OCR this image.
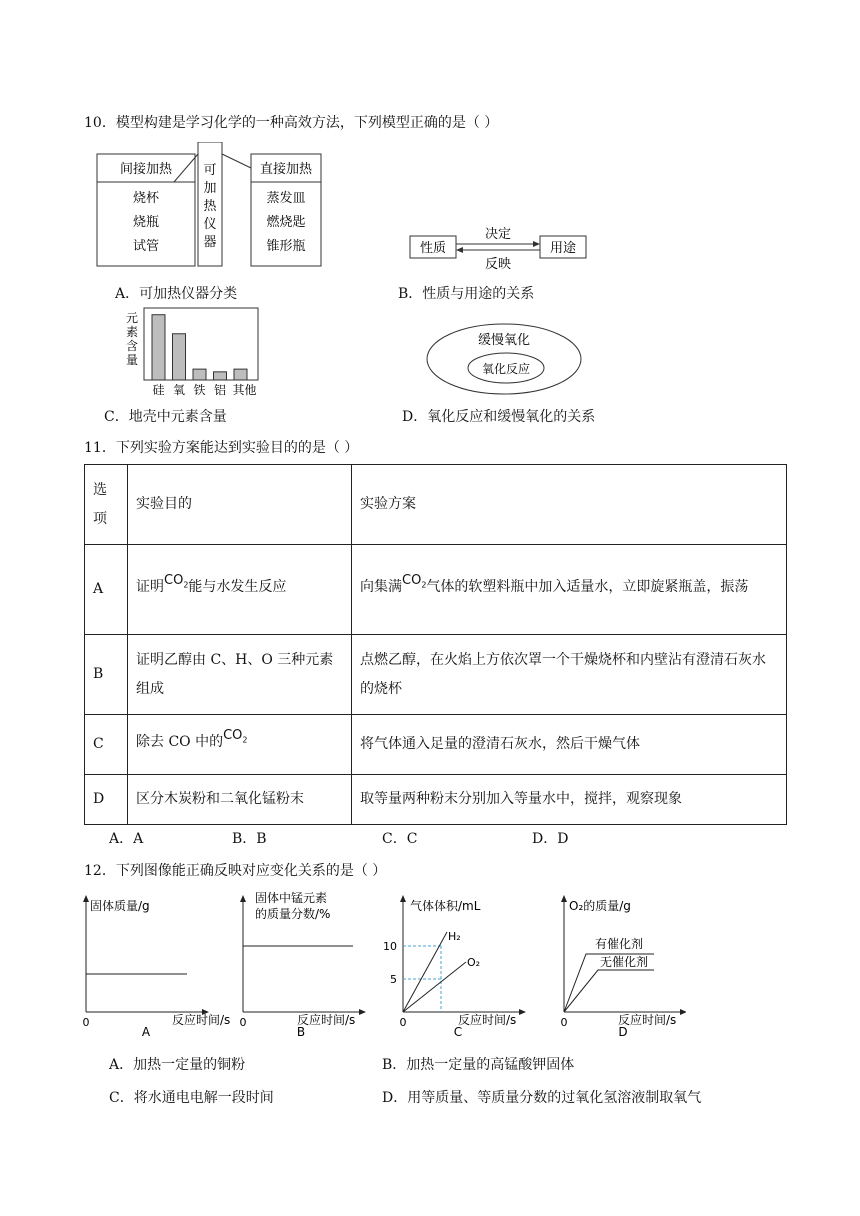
10．模型构建是学习化学的一种高效方法，下列模型正确的是（ ）
间接加热
烧杯
烧瓶
试管
可
加
热
仪
器
直接加热
蒸发皿
燃烧匙
锥形瓶	性质	用途
决定
反映
A．可加热仪器分类	B．性质与用途的关系
元
素
含
量
硅 氧 铁 铝 其他
缓慢氧化
氧化反应
C．地壳中元素含量	D．氧化反应和缓慢氧化的关系
11．下列实验方案能达到实验目的的是（ ）
选
项	实验目的	实验方案
A	证明$CO_2$能与水发生反应	向集满$CO_2$气体的软塑料瓶中加入适量水，立即旋紧瓶盖，振荡
B	证明乙醇由 C、H、O 三种元素组成	点燃乙醇，在火焰上方依次罩一个干燥烧杯和内壁沾有澄清石灰水的烧杯
C	除去 CO 中的$CO_2$	将气体通入足量的澄清石灰水，然后干燥气体
D	区分木炭粉和二氧化锰粉末	取等量两种粉末分别加入等量水中，搅拌，观察现象
A．A	B．B	C．C	D．D
12．下列图像能正确反映对应变化关系的是（ ）
固体质量/g
0	反应时间/s
A
固体中锰元素
的质量分数/%
0	反应时间/s
B
气体体积/mL
10
5
H₂
O₂
0	反应时间/s
C
O₂的质量/g
有催化剂
无催化剂
0	反应时间/s
D
A．加热一定量的铜粉	B．加热一定量的高锰酸钾固体
C．将水通电电解一段时间	D．用等质量、等质量分数的过氧化氢溶液制取氧气
